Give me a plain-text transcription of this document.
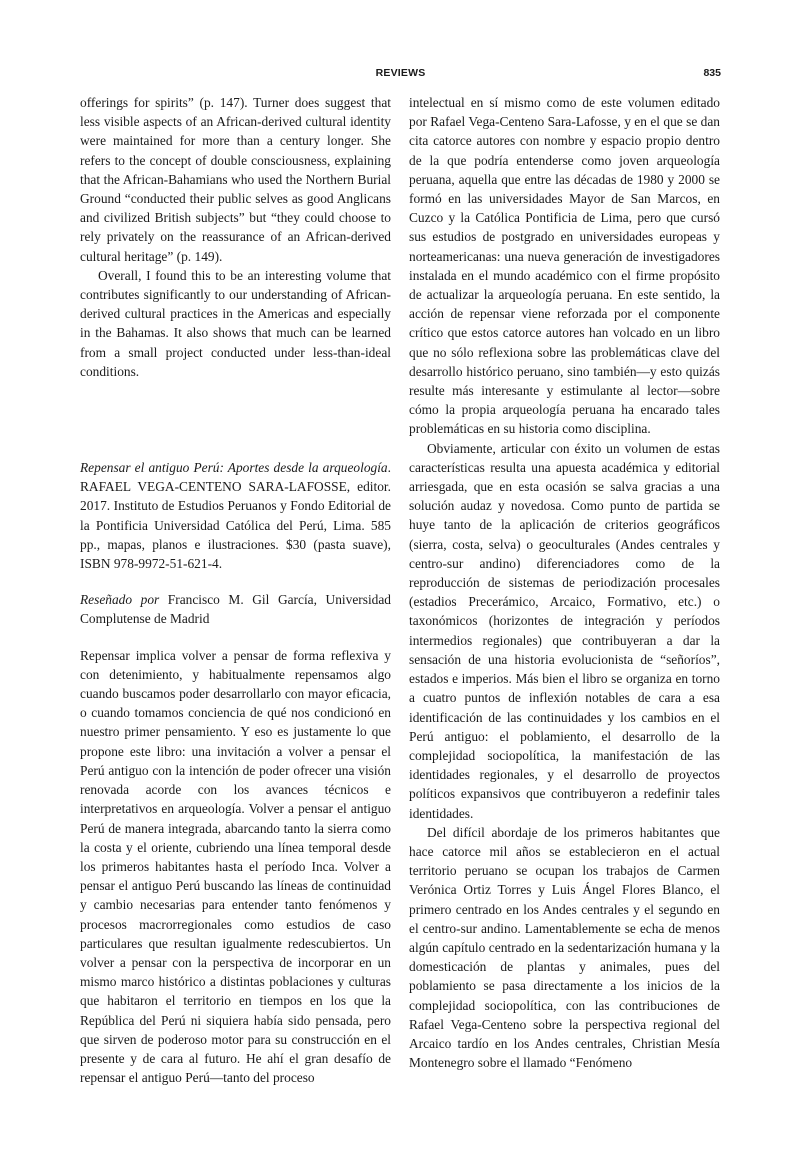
REVIEWS	835

offerings for spirits” (p. 147). Turner does suggest that less visible aspects of an African-derived cultural identity were maintained for more than a century longer. She refers to the concept of double consciousness, explaining that the African-Bahamians who used the Northern Burial Ground “conducted their public selves as good Anglicans and civilized British subjects” but “they could choose to rely privately on the reassurance of an African-derived cultural heritage” (p. 149).

Overall, I found this to be an interesting volume that contributes significantly to our understanding of African-derived cultural practices in the Americas and especially in the Bahamas. It also shows that much can be learned from a small project conducted under less-than-ideal conditions.

Repensar el antiguo Perú: Aportes desde la arqueología. RAFAEL VEGA-CENTENO SARA-LAFOSSE, editor. 2017. Instituto de Estudios Peruanos y Fondo Editorial de la Pontificia Universidad Católica del Perú, Lima. 585 pp., mapas, planos e ilustraciones. $30 (pasta suave), ISBN 978-9972-51-621-4.

Reseñado por Francisco M. Gil García, Universidad Complutense de Madrid

Repensar implica volver a pensar de forma reflexiva y con detenimiento, y habitualmente repensamos algo cuando buscamos poder desarrollarlo con mayor eficacia, o cuando tomamos conciencia de qué nos condicionó en nuestro primer pensamiento. Y eso es justamente lo que propone este libro: una invitación a volver a pensar el Perú antiguo con la intención de poder ofrecer una visión renovada acorde con los avances técnicos e interpretativos en arqueología. Volver a pensar el antiguo Perú de manera integrada, abarcando tanto la sierra como la costa y el oriente, cubriendo una línea temporal desde los primeros habitantes hasta el período Inca. Volver a pensar el antiguo Perú buscando las líneas de continuidad y cambio necesarias para entender tanto fenómenos y procesos macrorregionales como estudios de caso particulares que resultan igualmente redescubiertos. Un volver a pensar con la perspectiva de incorporar en un mismo marco histórico a distintas poblaciones y culturas que habitaron el territorio en tiempos en los que la República del Perú ni siquiera había sido pensada, pero que sirven de poderoso motor para su construcción en el presente y de cara al futuro. He ahí el gran desafío de repensar el antiguo Perú—tanto del proceso

intelectual en sí mismo como de este volumen editado por Rafael Vega-Centeno Sara-Lafosse, y en el que se dan cita catorce autores con nombre y espacio propio dentro de la que podría entenderse como joven arqueología peruana, aquella que entre las décadas de 1980 y 2000 se formó en las universidades Mayor de San Marcos, en Cuzco y la Católica Pontificia de Lima, pero que cursó sus estudios de postgrado en universidades europeas y norteamericanas: una nueva generación de investigadores instalada en el mundo académico con el firme propósito de actualizar la arqueología peruana. En este sentido, la acción de repensar viene reforzada por el componente crítico que estos catorce autores han volcado en un libro que no sólo reflexiona sobre las problemáticas clave del desarrollo histórico peruano, sino también—y esto quizás resulte más interesante y estimulante al lector—sobre cómo la propia arqueología peruana ha encarado tales problemáticas en su historia como disciplina.

Obviamente, articular con éxito un volumen de estas características resulta una apuesta académica y editorial arriesgada, que en esta ocasión se salva gracias a una solución audaz y novedosa. Como punto de partida se huye tanto de la aplicación de criterios geográficos (sierra, costa, selva) o geoculturales (Andes centrales y centro-sur andino) diferenciadores como de la reproducción de sistemas de periodización procesales (estadios Precerámico, Arcaico, Formativo, etc.) o taxonómicos (horizontes de integración y períodos intermedios regionales) que contribuyeran a dar la sensación de una historia evolucionista de “señoríos”, estados e imperios. Más bien el libro se organiza en torno a cuatro puntos de inflexión notables de cara a esa identificación de las continuidades y los cambios en el Perú antiguo: el poblamiento, el desarrollo de la complejidad sociopolítica, la manifestación de las identidades regionales, y el desarrollo de proyectos políticos expansivos que contribuyeron a redefinir tales identidades.

Del difícil abordaje de los primeros habitantes que hace catorce mil años se establecieron en el actual territorio peruano se ocupan los trabajos de Carmen Verónica Ortiz Torres y Luis Ángel Flores Blanco, el primero centrado en los Andes centrales y el segundo en el centro-sur andino. Lamentablemente se echa de menos algún capítulo centrado en la sedentarización humana y la domesticación de plantas y animales, pues del poblamiento se pasa directamente a los inicios de la complejidad sociopolítica, con las contribuciones de Rafael Vega-Centeno sobre la perspectiva regional del Arcaico tardío en los Andes centrales, Christian Mesía Montenegro sobre el llamado “Fenómeno
